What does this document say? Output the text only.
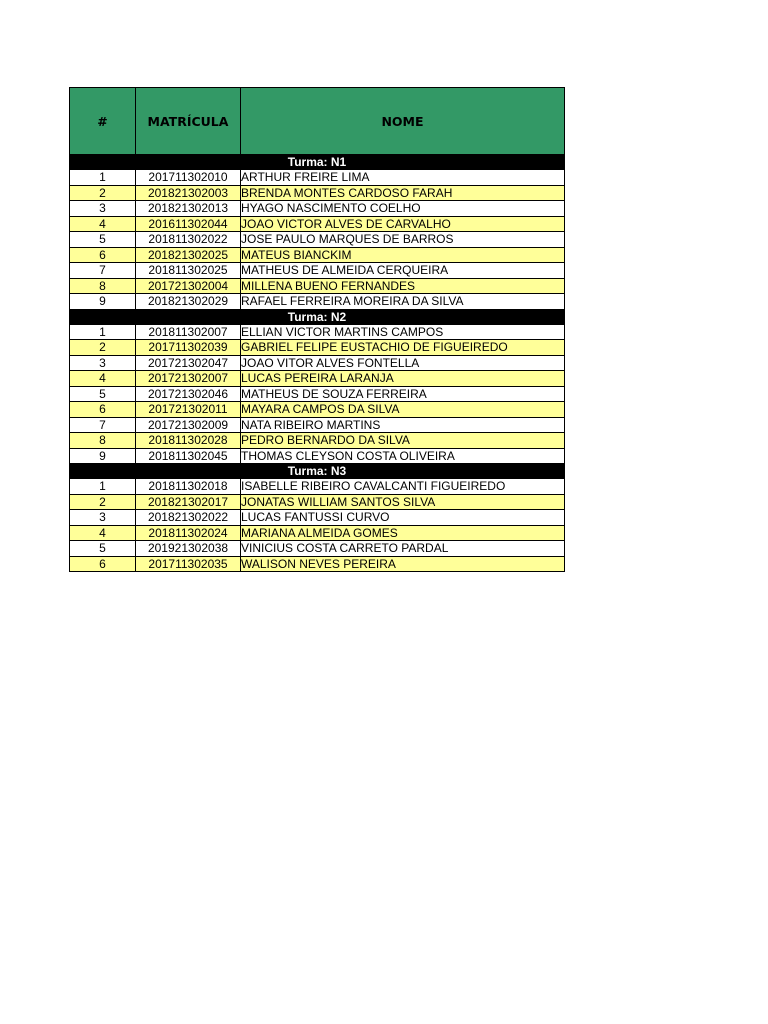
#	MATRÍCULA	NOME
Turma: N1		
1	201711302010	ARTHUR FREIRE LIMA
2	201821302003	BRENDA MONTES CARDOSO FARAH
3	201821302013	HYAGO NASCIMENTO COELHO
4	201611302044	JOAO VICTOR ALVES DE CARVALHO
5	201811302022	JOSE PAULO MARQUES DE BARROS
6	201821302025	MATEUS BIANCKIM
7	201811302025	MATHEUS DE ALMEIDA CERQUEIRA
8	201721302004	MILLENA BUENO FERNANDES
9	201821302029	RAFAEL FERREIRA MOREIRA DA SILVA
Turma: N2		
1	201811302007	ELLIAN VICTOR MARTINS CAMPOS
2	201711302039	GABRIEL FELIPE EUSTACHIO DE FIGUEIREDO
3	201721302047	JOAO VITOR ALVES FONTELLA
4	201721302007	LUCAS PEREIRA LARANJA
5	201721302046	MATHEUS DE SOUZA FERREIRA
6	201721302011	MAYARA CAMPOS DA SILVA
7	201721302009	NATA RIBEIRO MARTINS
8	201811302028	PEDRO BERNARDO DA SILVA
9	201811302045	THOMAS CLEYSON COSTA OLIVEIRA
Turma: N3		
1	201811302018	ISABELLE RIBEIRO CAVALCANTI FIGUEIREDO
2	201821302017	JONATAS WILLIAM SANTOS SILVA
3	201821302022	LUCAS FANTUSSI CURVO
4	201811302024	MARIANA ALMEIDA GOMES
5	201921302038	VINICIUS COSTA CARRETO PARDAL
6	201711302035	WALISON NEVES PEREIRA
